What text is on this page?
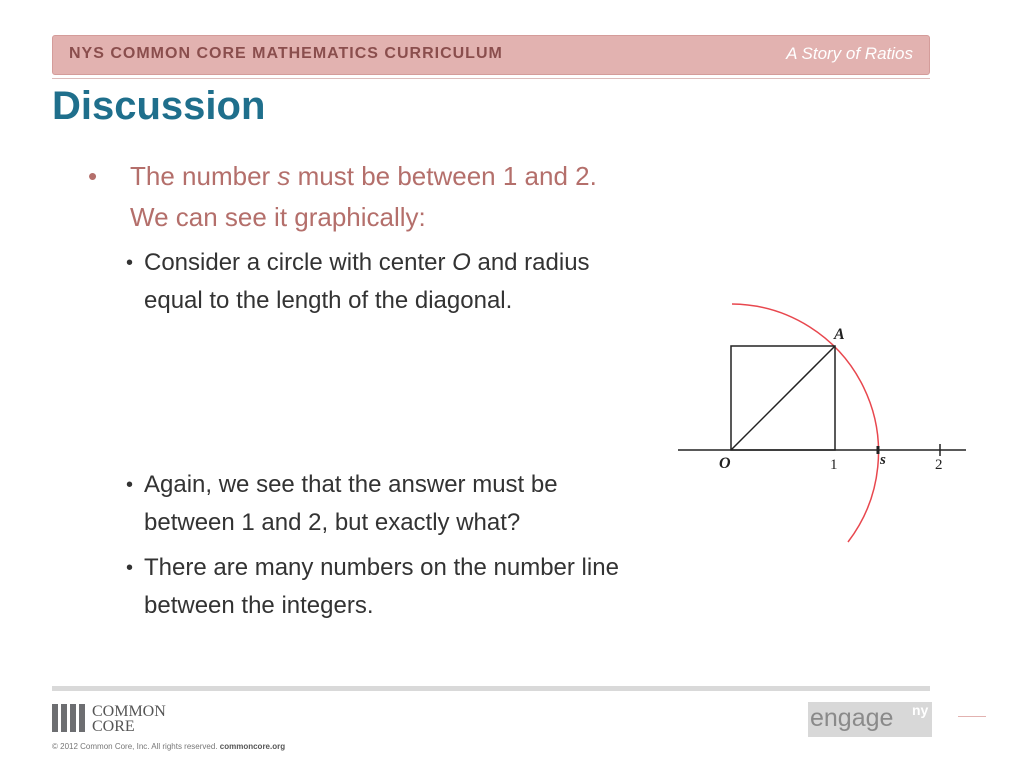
NYS COMMON CORE MATHEMATICS CURRICULUM	A Story of Ratios
Discussion
• The number s must be between 1 and 2.
We can see it graphically:
• Consider a circle with center O and radius
equal to the length of the diagonal.
• Again, we see that the answer must be
between 1 and 2, but exactly what?
• There are many numbers on the number line
between the integers.
A
O	1	s	2
COMMON
CORE
© 2012 Common Core, Inc. All rights reserved. commoncore.org
engage ny
